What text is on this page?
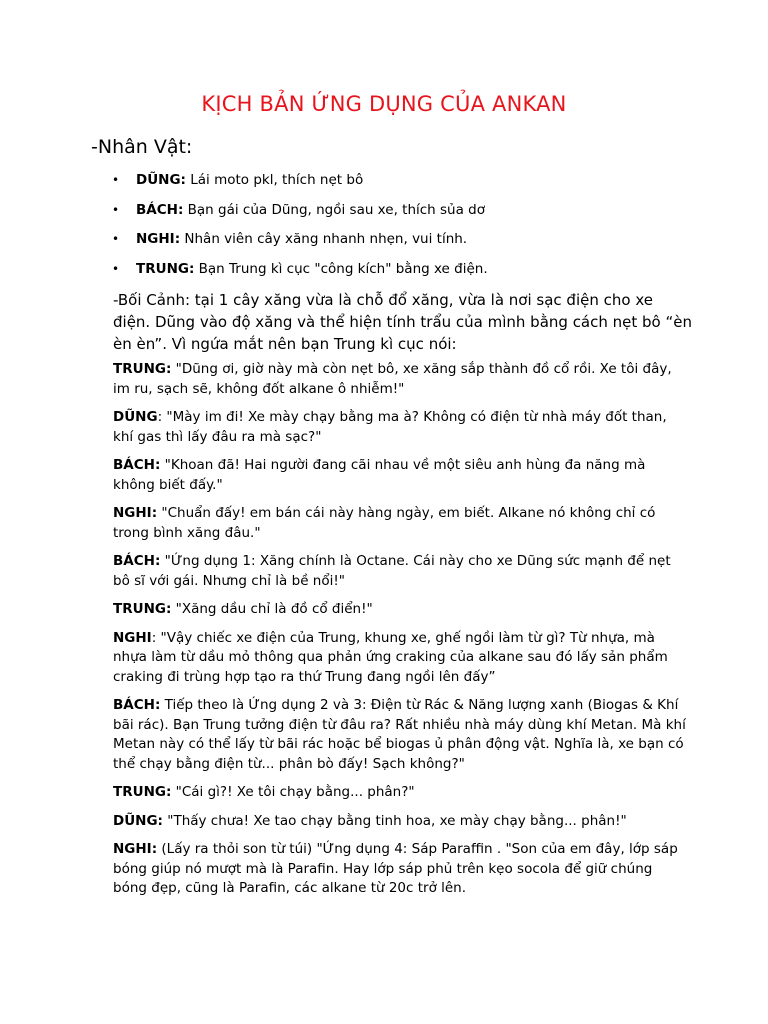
KỊCH BẢN ỨNG DỤNG CỦA ANKAN
-Nhân Vật:
• DŨNG: Lái moto pkl, thích nẹt bô
• BÁCH: Bạn gái của Dũng, ngồi sau xe, thích sủa dơ
• NGHI: Nhân viên cây xăng nhanh nhẹn, vui tính.
• TRUNG: Bạn Trung kì cục "công kích" bằng xe điện.

-Bối Cảnh: tại 1 cây xăng vừa là chỗ đổ xăng, vừa là nơi sạc điện cho xe điện. Dũng vào độ xăng và thể hiện tính trẩu của mình bằng cách nẹt bô “èn èn èn”. Vì ngứa mắt nên bạn Trung kì cục nói:

TRUNG: "Dũng ơi, giờ này mà còn nẹt bô, xe xăng sắp thành đồ cổ rồi. Xe tôi đây, im ru, sạch sẽ, không đốt alkane ô nhiễm!"

DŨNG: "Mày im đi! Xe mày chạy bằng ma à? Không có điện từ nhà máy đốt than, khí gas thì lấy đâu ra mà sạc?"

BÁCH: "Khoan đã! Hai người đang cãi nhau về một siêu anh hùng đa năng mà không biết đấy."

NGHI: "Chuẩn đấy! em bán cái này hàng ngày, em biết. Alkane nó không chỉ có trong bình xăng đâu."

BÁCH: "Ứng dụng 1: Xăng chính là Octane. Cái này cho xe Dũng sức mạnh để nẹt bô sĩ với gái. Nhưng chỉ là bề nổi!"

TRUNG: "Xăng dầu chỉ là đồ cổ điển!"

NGHI: "Vậy chiếc xe điện của Trung, khung xe, ghế ngồi làm từ gì? Từ nhựa, mà nhựa làm từ dầu mỏ thông qua phản ứng craking của alkane sau đó lấy sản phẩm craking đi trùng hợp tạo ra thứ Trung đang ngồi lên đấy”

BÁCH: Tiếp theo là Ứng dụng 2 và 3: Điện từ Rác & Năng lượng xanh (Biogas & Khí bãi rác). Bạn Trung tưởng điện từ đâu ra? Rất nhiều nhà máy dùng khí Metan. Mà khí Metan này có thể lấy từ bãi rác hoặc bể biogas ủ phân động vật. Nghĩa là, xe bạn có thể chạy bằng điện từ... phân bò đấy! Sạch không?"

TRUNG: "Cái gì?! Xe tôi chạy bằng... phân?"

DŨNG: "Thấy chưa! Xe tao chạy bằng tinh hoa, xe mày chạy bằng... phân!"

NGHI: (Lấy ra thỏi son từ túi) "Ứng dụng 4: Sáp Paraffin . "Son của em đây, lớp sáp bóng giúp nó mượt mà là Parafin. Hay lớp sáp phủ trên kẹo socola để giữ chúng bóng đẹp, cũng là Parafin, các alkane từ 20c trở lên.
